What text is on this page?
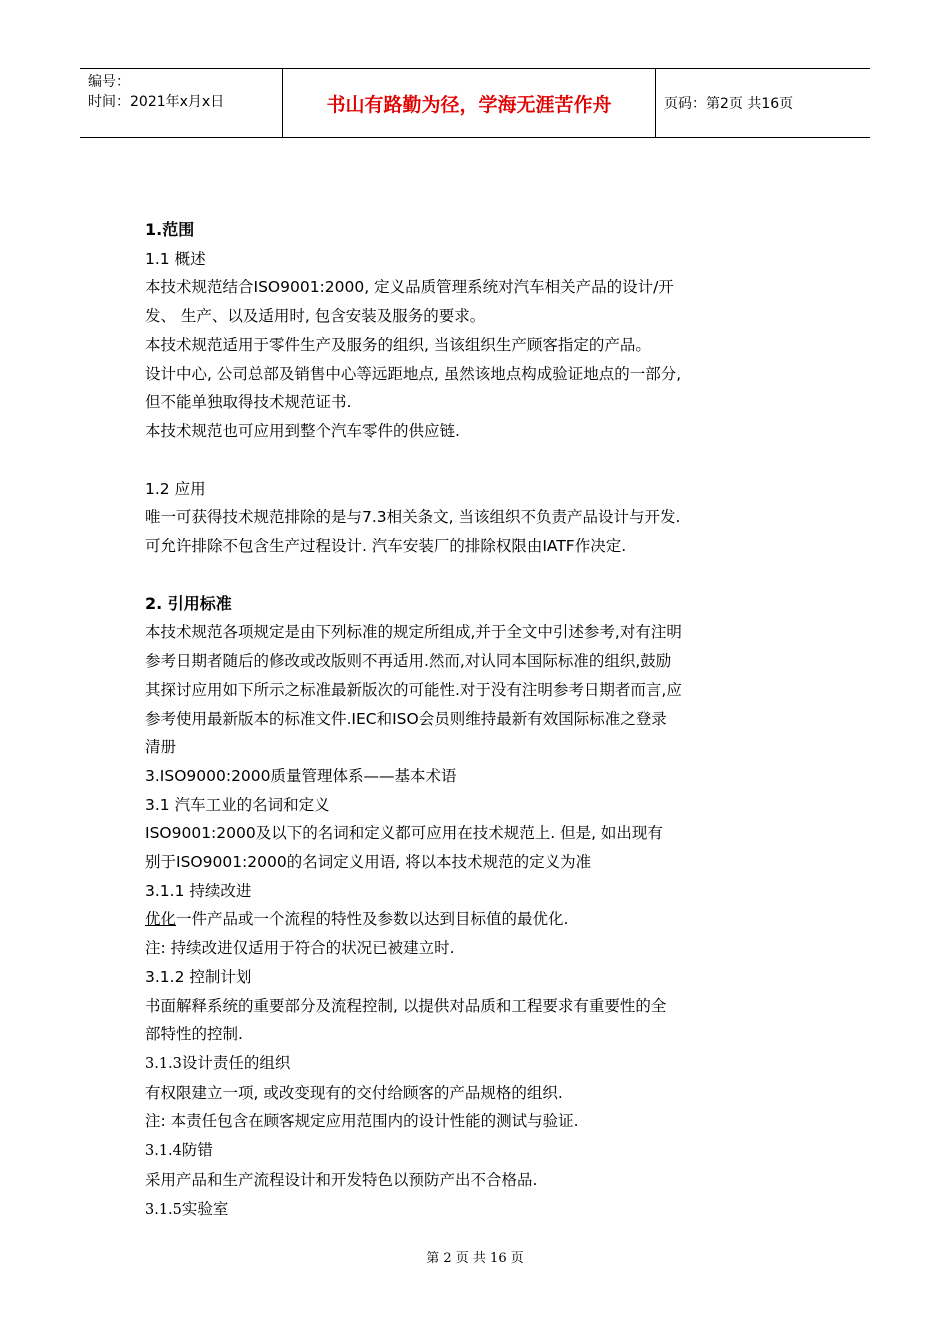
编号：
时间：2021年x月x日	书山有路勤为径，学海无涯苦作舟	页码：第2页 共16页

1.范围

1.1 概述

本技术规范结合ISO9001:2000, 定义品质管理系统对汽车相关产品的设计/开

发、 生产、以及适用时, 包含安装及服务的要求。

本技术规范适用于零件生产及服务的组织, 当该组织生产顾客指定的产品。

设计中心, 公司总部及销售中心等远距地点, 虽然该地点构成验证地点的一部分,

但不能单独取得技术规范证书.

本技术规范也可应用到整个汽车零件的供应链.

1.2 应用

唯一可获得技术规范排除的是与7.3相关条文, 当该组织不负责产品设计与开发.

可允许排除不包含生产过程设计. 汽车安装厂的排除权限由IATF作决定.

2. 引用标准

本技术规范各项规定是由下列标准的规定所组成,并于全文中引述参考,对有注明

参考日期者随后的修改或改版则不再适用.然而,对认同本国际标准的组织,鼓励

其探讨应用如下所示之标准最新版次的可能性.对于没有注明参考日期者而言,应

参考使用最新版本的标准文件.IEC和ISO会员则维持最新有效国际标准之登录

清册

3.ISO9000:2000质量管理体系——基本术语

3.1 汽车工业的名词和定义

ISO9001:2000及以下的名词和定义都可应用在技术规范上. 但是, 如出现有

别于ISO9001:2000的名词定义用语, 将以本技术规范的定义为准

3.1.1 持续改进

优化一件产品或一个流程的特性及参数以达到目标值的最优化.

注: 持续改进仅适用于符合的状况已被建立时.

3.1.2 控制计划

书面解释系统的重要部分及流程控制, 以提供对品质和工程要求有重要性的全

部特性的控制.

3.1.3设计责任的组织

有权限建立一项, 或改变现有的交付给顾客的产品规格的组织.

注: 本责任包含在顾客规定应用范围内的设计性能的测试与验证.

3.1.4防错

采用产品和生产流程设计和开发特色以预防产出不合格品.

3.1.5实验室

第 2 页 共 16 页
